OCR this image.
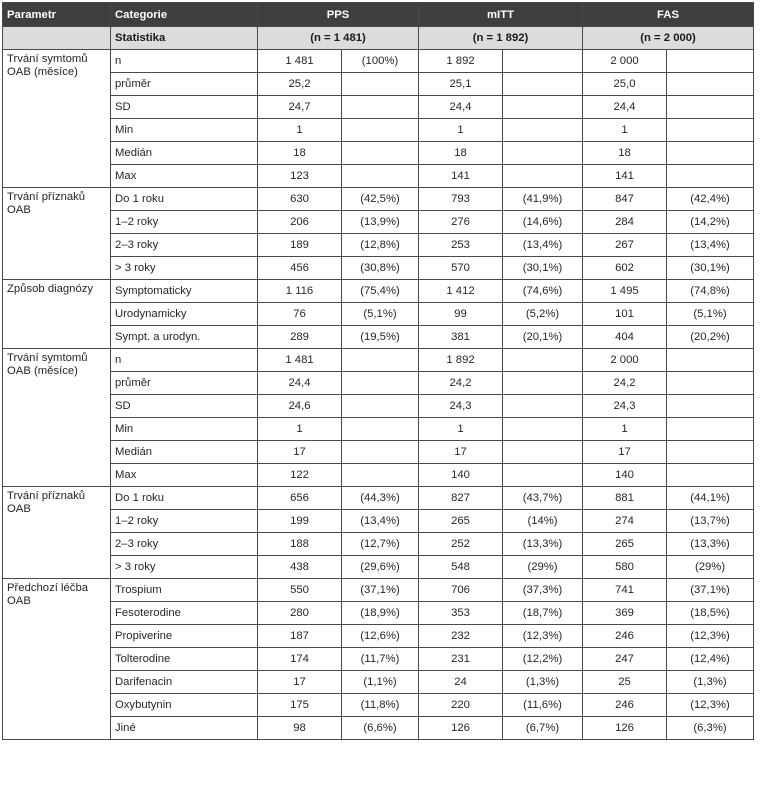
Parametr	Categorie	PPS		mITT		FAS	
	Statistika	(n = 1 481)		(n = 1 892)		(n = 2 000)	
Trvání symtomů OAB (měsíce)	n	1 481	(100%)	1 892		2 000	
	průměr	25,2		25,1		25,0	
	SD	24,7		24,4		24,4	
	Min	1		1		1	
	Medián	18		18		18	
	Max	123		141		141	
Trvání příznaků OAB	Do 1 roku	630	(42,5%)	793	(41,9%)	847	(42,4%)
	1–2 roky	206	(13,9%)	276	(14,6%)	284	(14,2%)
	2–3 roky	189	(12,8%)	253	(13,4%)	267	(13,4%)
	> 3 roky	456	(30,8%)	570	(30,1%)	602	(30,1%)
Způsob diagnózy	Symptomaticky	1 116	(75,4%)	1 412	(74,6%)	1 495	(74,8%)
	Urodynamicky	76	(5,1%)	99	(5,2%)	101	(5,1%)
	Sympt. a urodyn.	289	(19,5%)	381	(20,1%)	404	(20,2%)
Trvání symtomů OAB (měsíce)	n	1 481		1 892		2 000	
	průměr	24,4		24,2		24,2	
	SD	24,6		24,3		24,3	
	Min	1		1		1	
	Medián	17		17		17	
	Max	122		140		140	
Trvání příznaků OAB	Do 1 roku	656	(44,3%)	827	(43,7%)	881	(44,1%)
	1–2 roky	199	(13,4%)	265	(14%)	274	(13,7%)
	2–3 roky	188	(12,7%)	252	(13,3%)	265	(13,3%)
	> 3 roky	438	(29,6%)	548	(29%)	580	(29%)
Předchozí léčba OAB	Trospium	550	(37,1%)	706	(37,3%)	741	(37,1%)
	Fesoterodine	280	(18,9%)	353	(18,7%)	369	(18,5%)
	Propiverine	187	(12,6%)	232	(12,3%)	246	(12,3%)
	Tolterodine	174	(11,7%)	231	(12,2%)	247	(12,4%)
	Darifenacin	17	(1,1%)	24	(1,3%)	25	(1,3%)
	Oxybutynin	175	(11,8%)	220	(11,6%)	246	(12,3%)
	Jiné	98	(6,6%)	126	(6,7%)	126	(6,3%)
